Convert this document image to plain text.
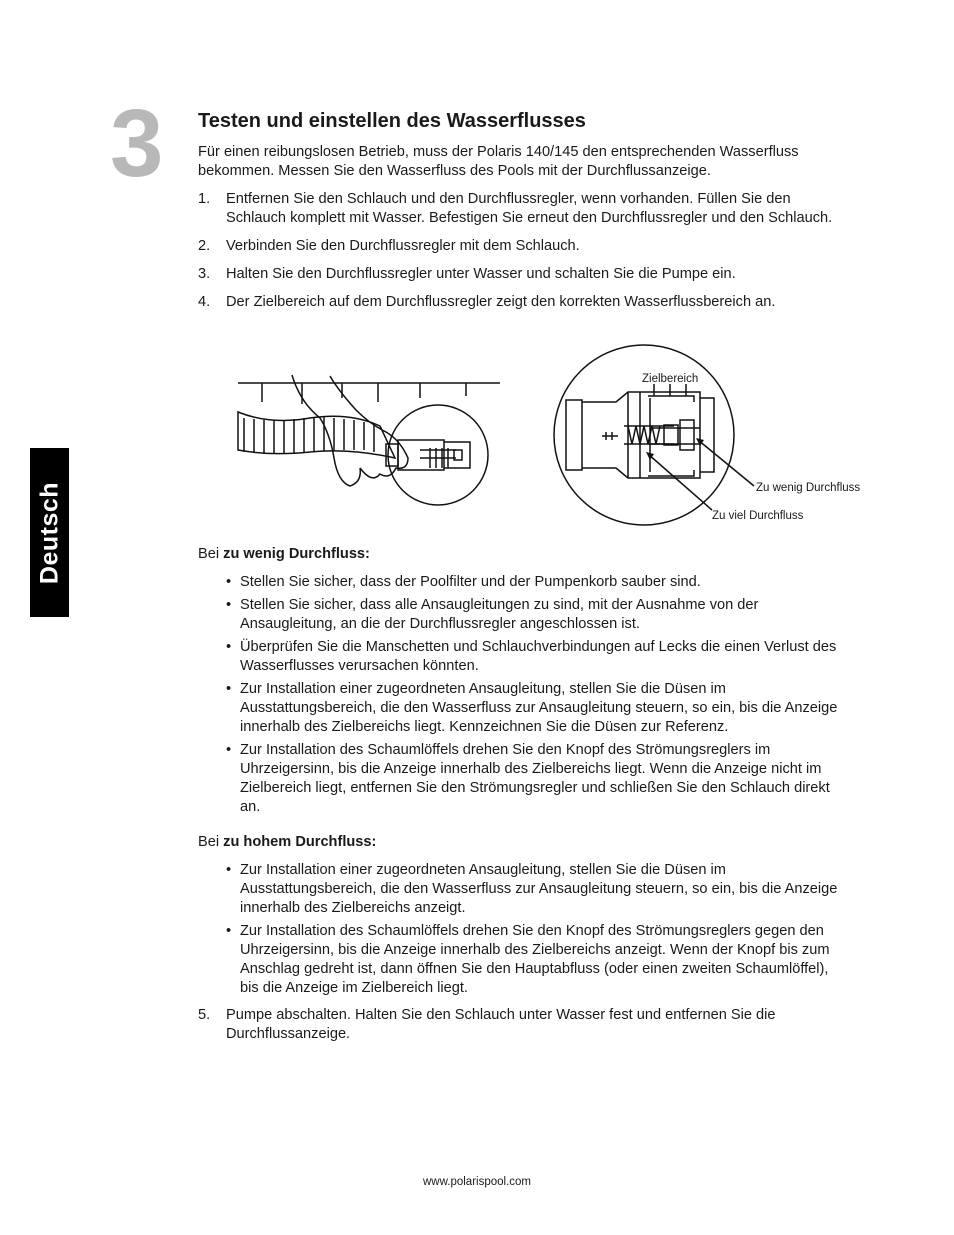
3 Testen und einstellen des Wasserflusses

Für einen reibungslosen Betrieb, muss der Polaris 140/145 den entsprechenden Wasserfluss bekommen. Messen Sie den Wasserfluss des Pools mit der Durchflussanzeige.

1. Entfernen Sie den Schlauch und den Durchflussregler, wenn vorhanden. Füllen Sie den Schlauch komplett mit Wasser. Befestigen Sie erneut den Durchflussregler und den Schlauch.
2. Verbinden Sie den Durchflussregler mit dem Schlauch.
3. Halten Sie den Durchflussregler unter Wasser und schalten Sie die Pumpe ein.
4. Der Zielbereich auf dem Durchflussregler zeigt den korrekten Wasserflussbereich an.
Deutsch
Zielbereich
Zu wenig Durchfluss
Zu viel Durchfluss

Bei zu wenig Durchfluss:

• Stellen Sie sicher, dass der Poolfilter und der Pumpenkorb sauber sind.
• Stellen Sie sicher, dass alle Ansaugleitungen zu sind, mit der Ausnahme von der Ansaugleitung, an die der Durchflussregler angeschlossen ist.
• Überprüfen Sie die Manschetten und Schlauchverbindungen auf Lecks die einen Verlust des Wasserflusses verursachen könnten.
• Zur Installation einer zugeordneten Ansaugleitung, stellen Sie die Düsen im Ausstattungsbereich, die den Wasserfluss zur Ansaugleitung steuern, so ein, bis die Anzeige innerhalb des Zielbereichs liegt. Kennzeichnen Sie die Düsen zur Referenz.
• Zur Installation des Schaumlöffels drehen Sie den Knopf des Strömungsreglers im Uhrzeigersinn, bis die Anzeige innerhalb des Zielbereichs liegt. Wenn die Anzeige nicht im Zielbereich liegt, entfernen Sie den Strömungsregler und schließen Sie den Schlauch direkt an.

Bei zu hohem Durchfluss:

• Zur Installation einer zugeordneten Ansaugleitung, stellen Sie die Düsen im Ausstattungsbereich, die den Wasserfluss zur Ansaugleitung steuern, so ein, bis die Anzeige innerhalb des Zielbereichs anzeigt.
• Zur Installation des Schaumlöffels drehen Sie den Knopf des Strömungsreglers gegen den Uhrzeigersinn, bis die Anzeige innerhalb des Zielbereichs anzeigt. Wenn der Knopf bis zum Anschlag gedreht ist, dann öffnen Sie den Hauptabfluss (oder einen zweiten Schaumlöffel), bis die Anzeige im Zielbereich liegt.
5. Pumpe abschalten. Halten Sie den Schlauch unter Wasser fest und entfernen Sie die Durchflussanzeige.
www.polarispool.com
